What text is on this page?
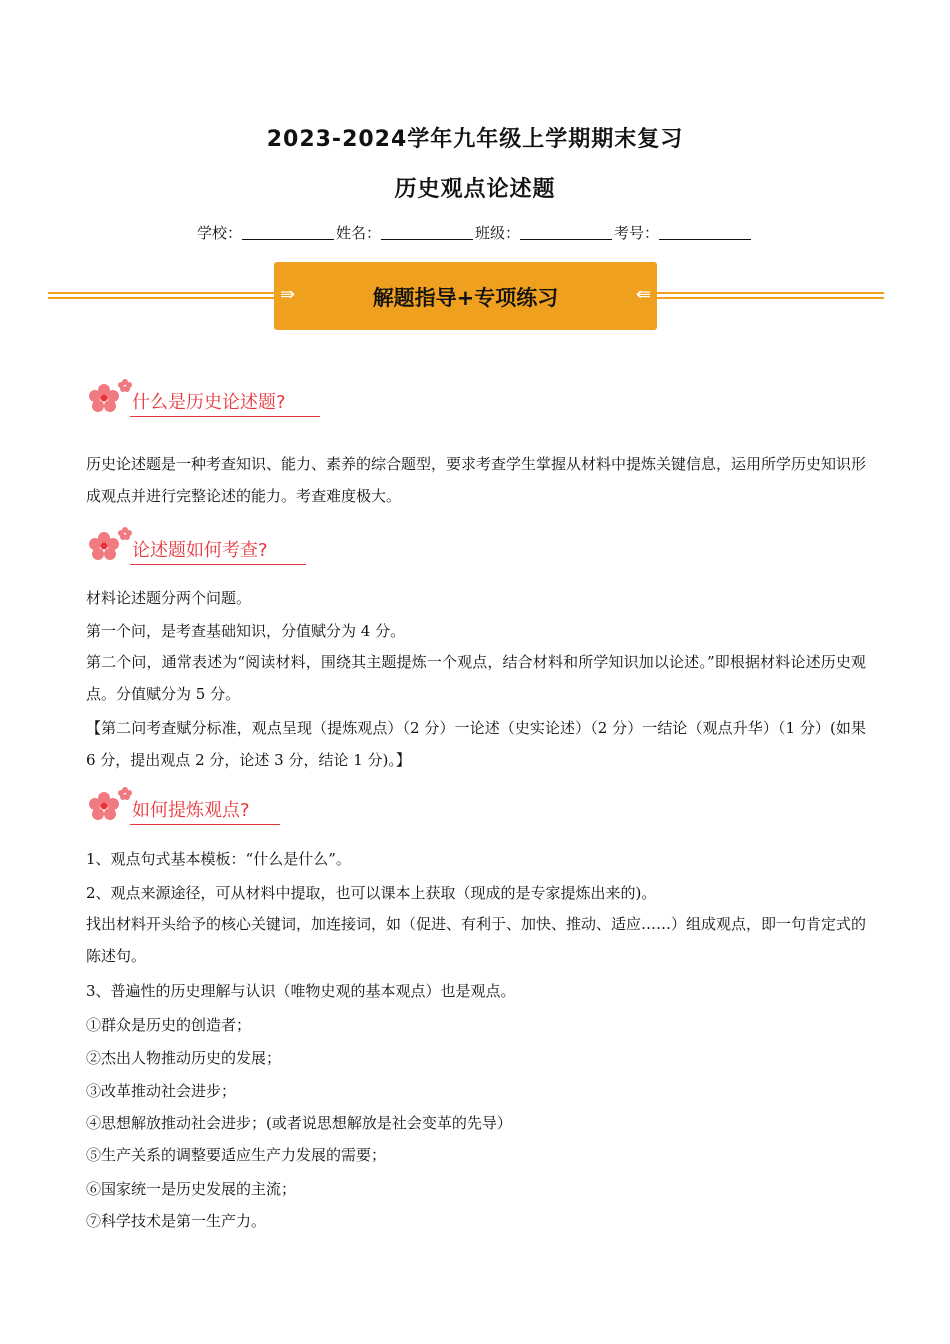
2023-2024学年九年级上学期期末复习
历史观点论述题
学校：	姓名：	班级：	考号：
⇛	解题指导+专项练习	⇚
什么是历史论述题?
历史论述题是一种考查知识、能力、素养的综合题型，要求考查学生掌握从材料中提炼关键信息，运用所学历史知识形成观点并进行完整论述的能力。考查难度极大。
论述题如何考查?
材料论述题分两个问题。
第一个问，是考查基础知识，分值赋分为 4 分。
第二个问，通常表述为“阅读材料，围绕其主题提炼一个观点，结合材料和所学知识加以论述。”即根据材料论述历史观点。分值赋分为 5 分。
【第二问考查赋分标准，观点呈现（提炼观点）（2 分）一论述（史实论述）（2 分）一结论（观点升华）（1 分）(如果 6 分，提出观点 2 分，论述 3 分，结论 1 分)。】
如何提炼观点?
1、观点句式基本模板：“什么是什么”。
2、观点来源途径，可从材料中提取，也可以课本上获取（现成的是专家提炼出来的)。
找出材料开头给予的核心关键词，加连接词，如（促进、有利于、加快、推动、适应……）组成观点，即一句肯定式的陈述句。
3、普遍性的历史理解与认识（唯物史观的基本观点）也是观点。
①群众是历史的创造者；
②杰出人物推动历史的发展；
③改革推动社会进步；
④思想解放推动社会进步；(或者说思想解放是社会变革的先导）
⑤生产关系的调整要适应生产力发展的需要；
⑥国家统一是历史发展的主流；
⑦科学技术是第一生产力。
